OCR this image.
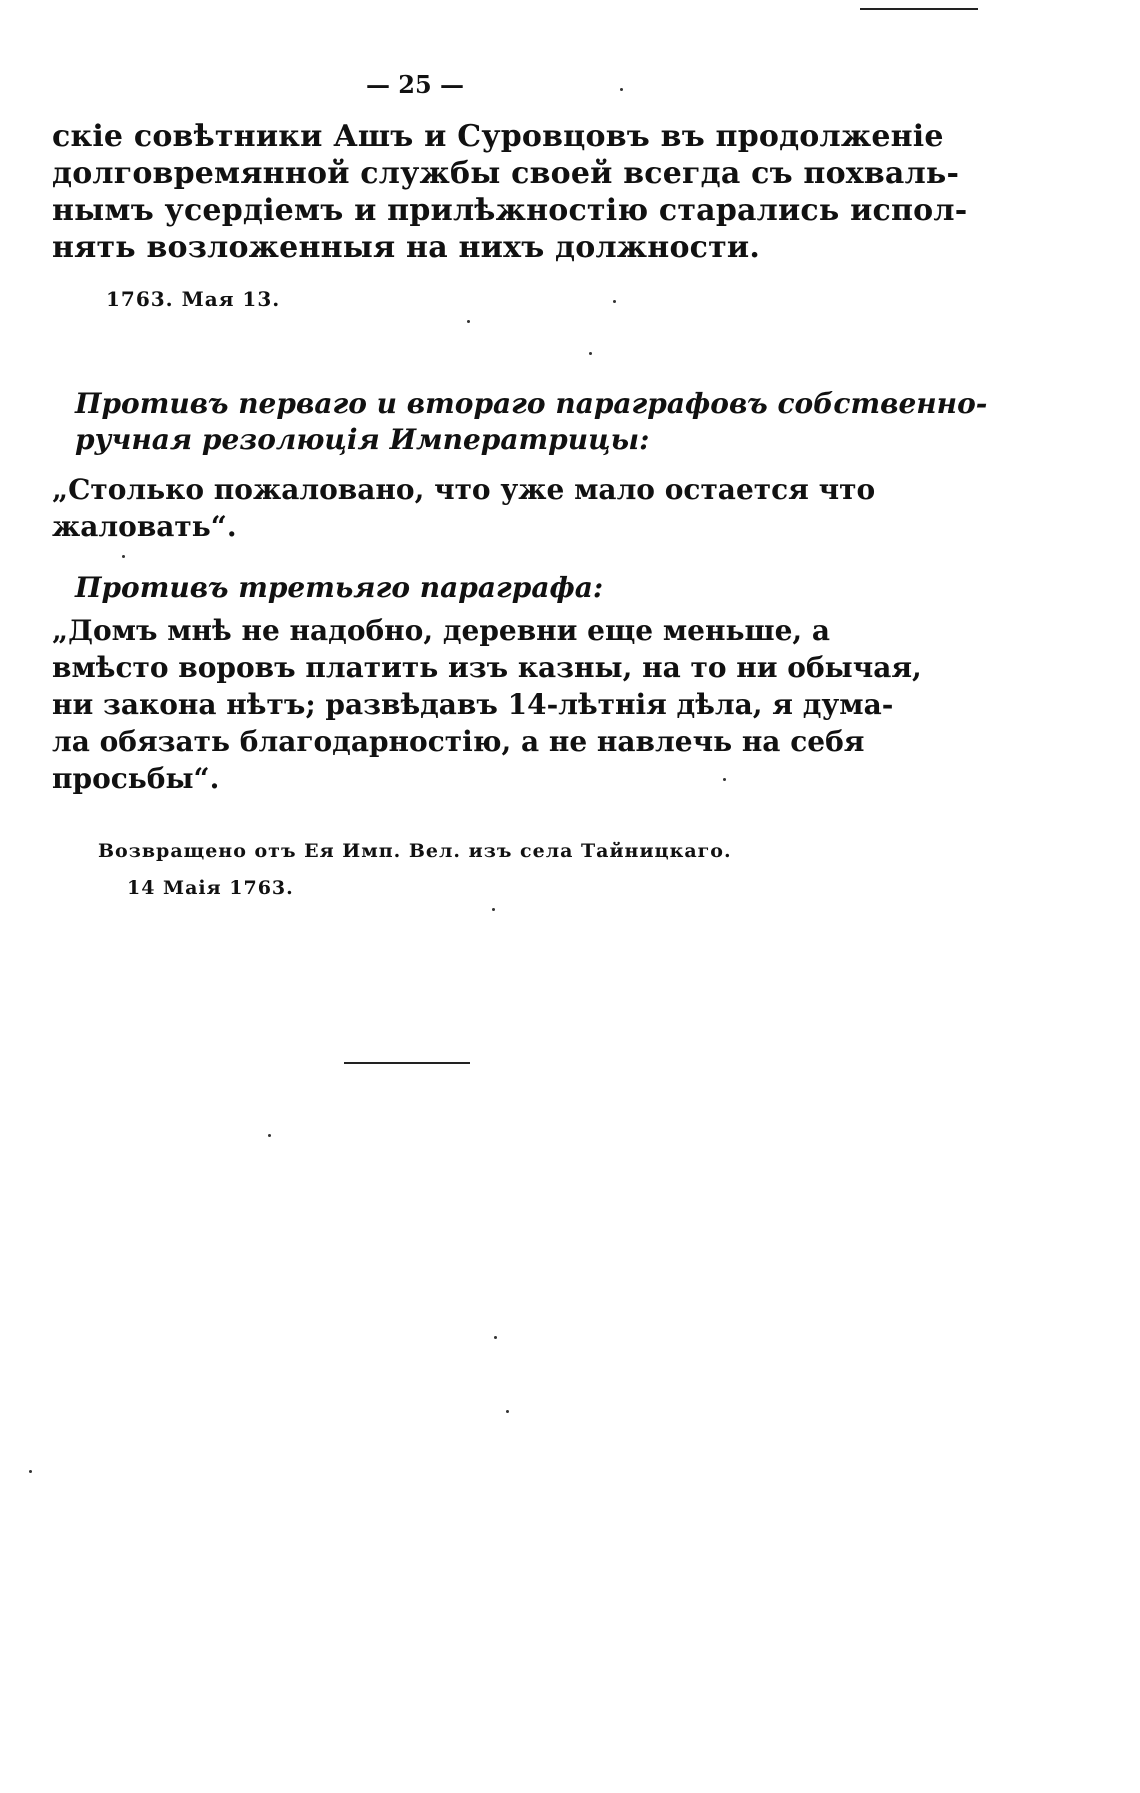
— 25 —
скіе совѣтники Ашъ и Суровцовъ въ продолженіе
долговремянной службы своей всегда съ похваль-
нымъ усердіемъ и прилѣжностію старались испол-
нять возложенныя на нихъ должности.
1763. Мая 13.
Противъ перваго и втораго параграфовъ собственно-
ручная резолюція Императрицы:
„Столько пожаловано, что уже мало остается что
жаловать“.
Противъ третьяго параграфа:
„Домъ мнѣ не надобно, деревни еще меньше, а
вмѣсто воровъ платить изъ казны, на то ни обычая,
ни закона нѣтъ; развѣдавъ 14-лѣтнія дѣла, я дума-
ла обязать благодарностію, а не навлечь на себя
просьбы“.
Возвращено отъ Ея Имп. Вел. изъ села Тайницкаго.
14 Маія 1763.
